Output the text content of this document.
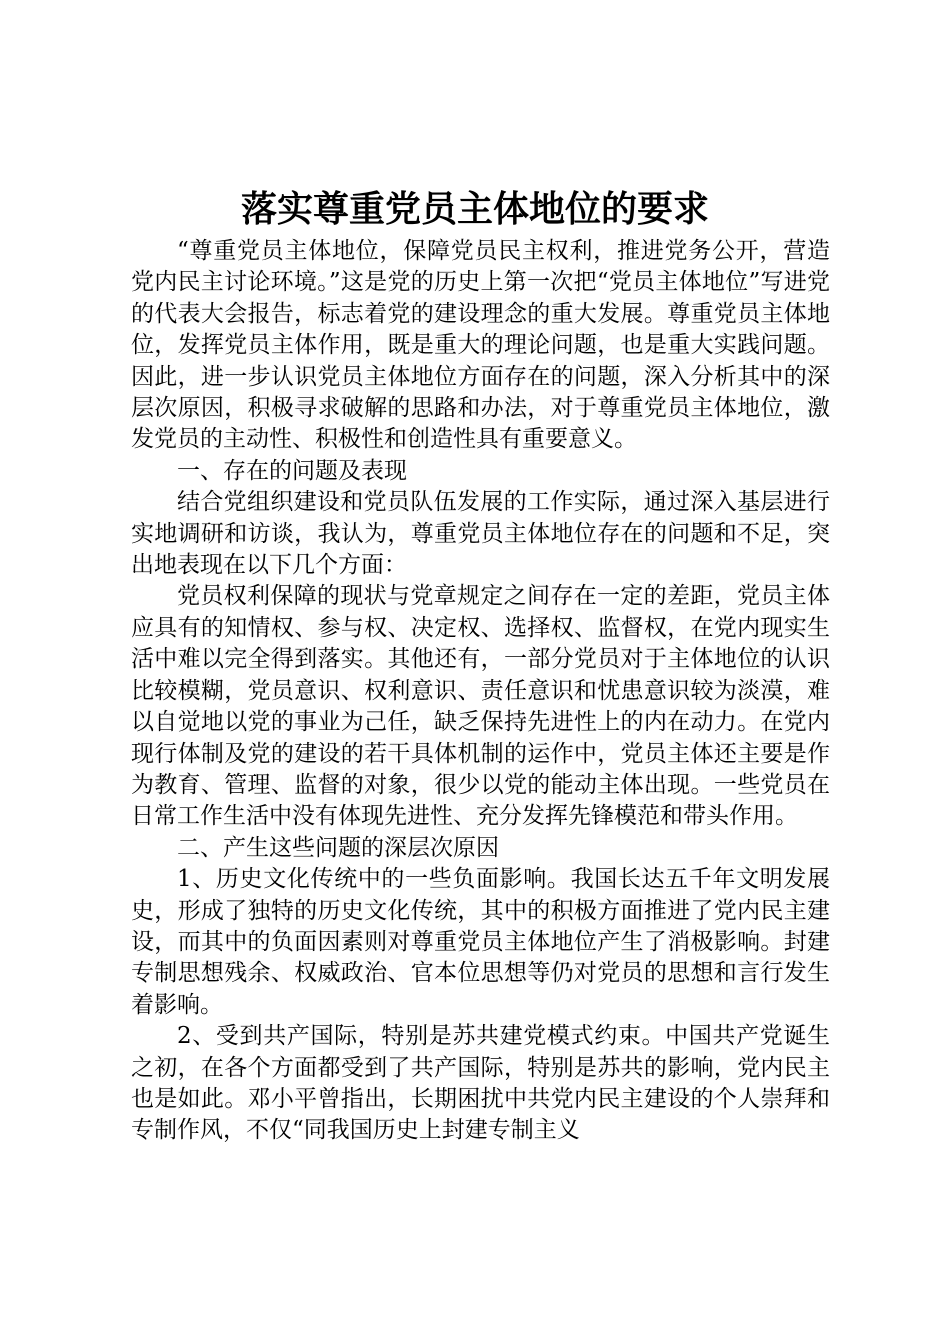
落实尊重党员主体地位的要求

“尊重党员主体地位，保障党员民主权利，推进党务公开，营造党内民主讨论环境。”这是党的历史上第一次把“党员主体地位”写进党的代表大会报告，标志着党的建设理念的重大发展。尊重党员主体地位，发挥党员主体作用，既是重大的理论问题，也是重大实践问题。因此，进一步认识党员主体地位方面存在的问题，深入分析其中的深层次原因，积极寻求破解的思路和办法，对于尊重党员主体地位，激发党员的主动性、积极性和创造性具有重要意义。

一、存在的问题及表现

结合党组织建设和党员队伍发展的工作实际，通过深入基层进行实地调研和访谈，我认为，尊重党员主体地位存在的问题和不足，突出地表现在以下几个方面：

党员权利保障的现状与党章规定之间存在一定的差距，党员主体应具有的知情权、参与权、决定权、选择权、监督权，在党内现实生活中难以完全得到落实。其他还有，一部分党员对于主体地位的认识比较模糊，党员意识、权利意识、责任意识和忧患意识较为淡漠，难以自觉地以党的事业为己任，缺乏保持先进性上的内在动力。在党内现行体制及党的建设的若干具体机制的运作中，党员主体还主要是作为教育、管理、监督的对象，很少以党的能动主体出现。一些党员在日常工作生活中没有体现先进性、充分发挥先锋模范和带头作用。

二、产生这些问题的深层次原因

1、历史文化传统中的一些负面影响。我国长达五千年文明发展史，形成了独特的历史文化传统，其中的积极方面推进了党内民主建设，而其中的负面因素则对尊重党员主体地位产生了消极影响。封建专制思想残余、权威政治、官本位思想等仍对党员的思想和言行发生着影响。

2、受到共产国际，特别是苏共建党模式约束。中国共产党诞生之初，在各个方面都受到了共产国际，特别是苏共的影响，党内民主也是如此。邓小平曾指出，长期困扰中共党内民主建设的个人崇拜和专制作风，不仅“同我国历史上封建专制主义
